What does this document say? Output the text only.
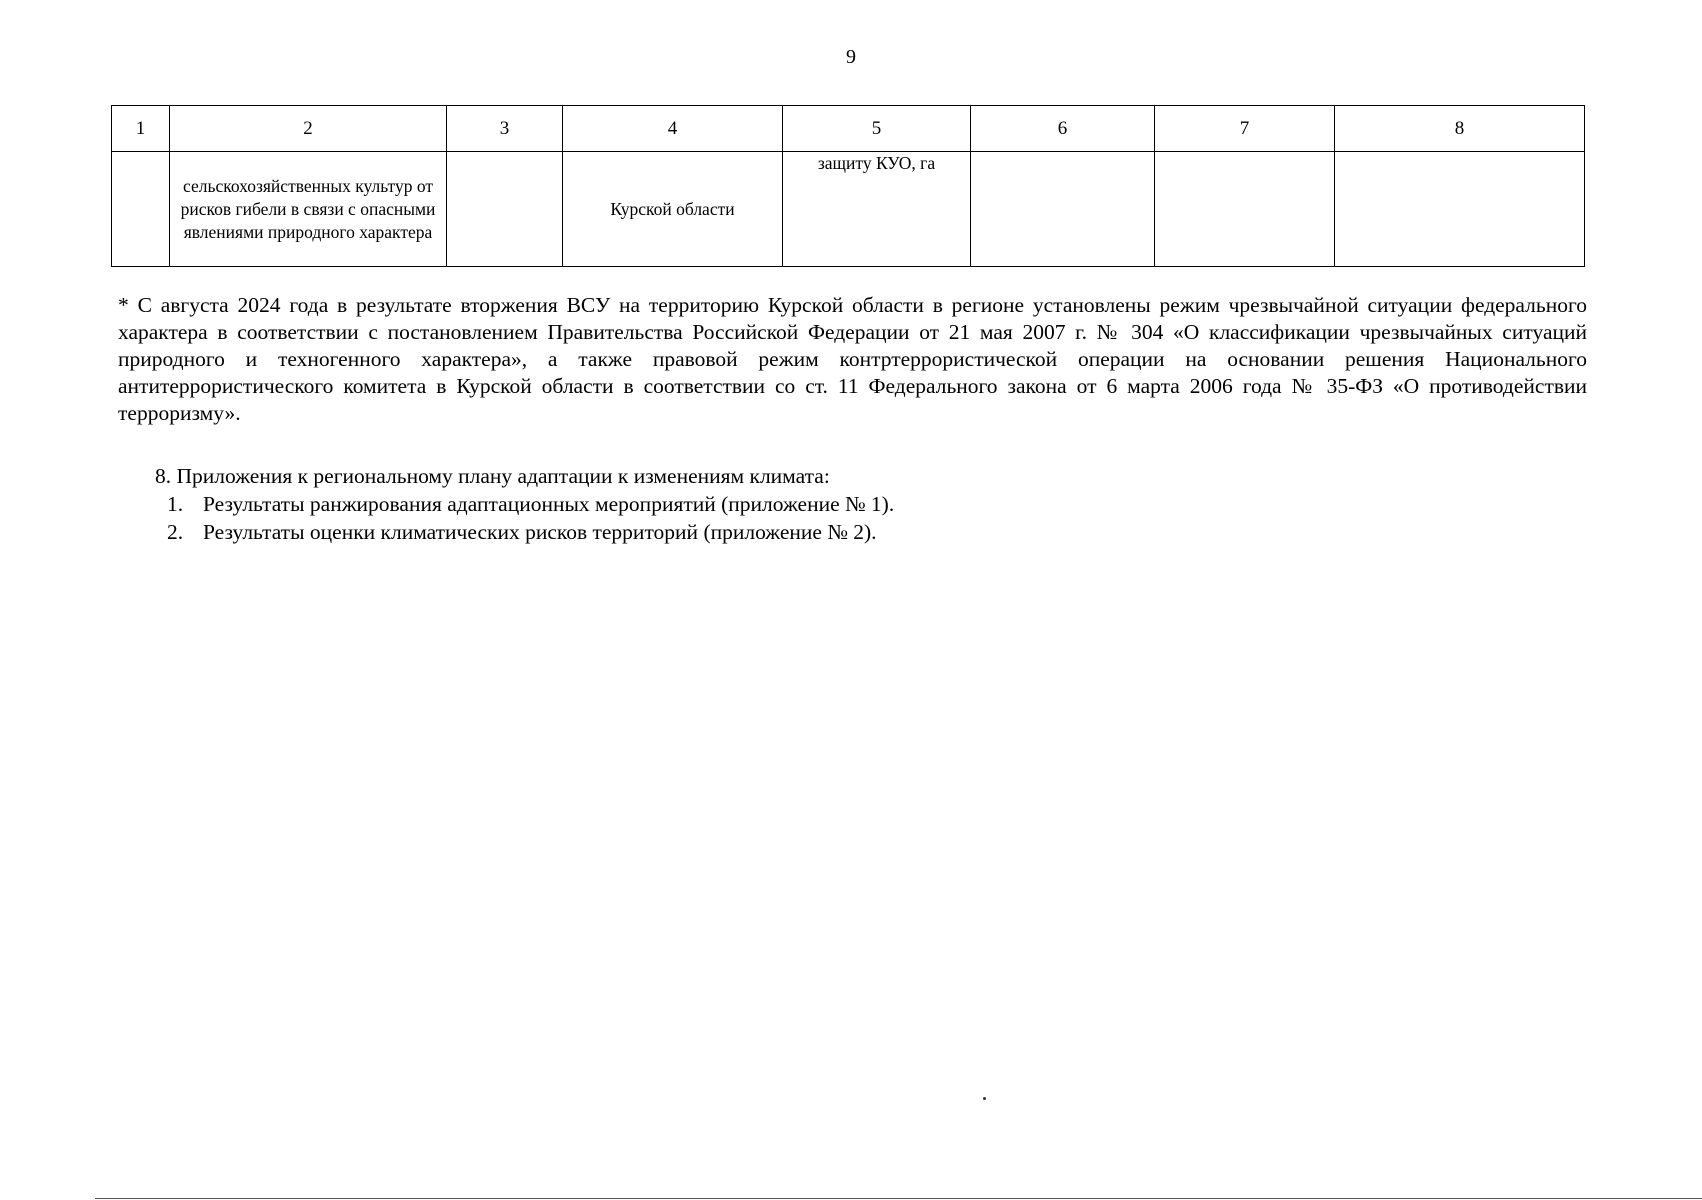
9
1	2	3	4	5	6	7	8
	сельскохозяйственных культур от рисков гибели в связи с опасными явлениями природного характера		Курской области	защиту КУО, га			
* С августа 2024 года в результате вторжения ВСУ на территорию Курской области в регионе установлены режим чрезвычайной ситуации федерального характера в соответствии с постановлением Правительства Российской Федерации от 21 мая 2007 г. № 304 «О классификации чрезвычайных ситуаций природного и техногенного характера», а также правовой режим контртеррористической операции на основании решения Национального антитеррористического комитета в Курской области в соответствии со ст. 11 Федерального закона от 6 марта 2006 года № 35-ФЗ «О противодействии терроризму».

8. Приложения к региональному плану адаптации к изменениям климата:

1. Результаты ранжирования адаптационных мероприятий (приложение № 1).
2. Результаты оценки климатических рисков территорий (приложение № 2).
